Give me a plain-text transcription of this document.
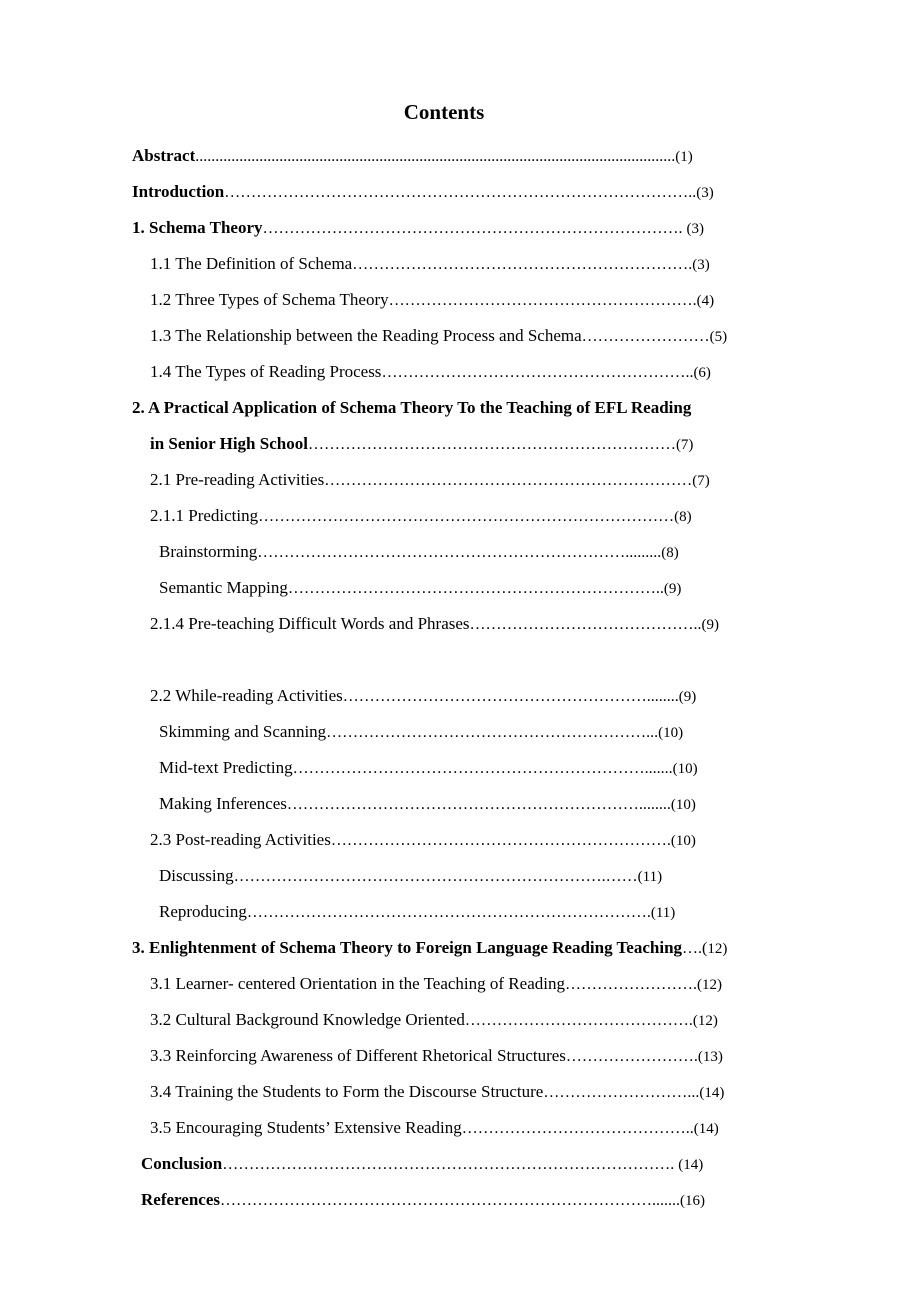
Contents
Abstract........................................................................................................................(1)
Introduction……………………………………………………………………………..(3)
1. Schema Theory……………………………………………………………………. (3)
1.1 The Definition of Schema……………………………………………………….(3)
1.2 Three Types of Schema Theory………………………………………………….(4)
1.3 The Relationship between the Reading Process and Schema……………………(5)
1.4 The Types of Reading Process…………………………………………………..(6)
2. A Practical Application of Schema Theory To the Teaching of EFL Reading
in Senior High School……………………………………………………………(7)
2.1 Pre-reading Activities……………………………………………………………(7)
2.1.1 Predicting……………………………………………………………………(8)
Brainstorming…………………………………………………………….........(8)
Semantic Mapping……………………………………………………………..(9)
2.1.4 Pre-teaching Difficult Words and Phrases……………………………………..(9)
2.2 While-reading Activities…………………………………………………........(9)
Skimming and Scanning……………………………………………………...(10)
Mid-text Predicting………………………………………………………….......(10)
Making Inferences…………………………………………………………........(10)
2.3 Post-reading Activities……………………………………………………….(10)
Discussing…………………………………………………………….……(11)
Reproducing………………………………………………………………….(11)
3. Enlightenment of Schema Theory to Foreign Language Reading Teaching….(12)
3.1 Learner- centered Orientation in the Teaching of Reading…………………….(12)
3.2 Cultural Background Knowledge Oriented…………………………………….(12)
3.3 Reinforcing Awareness of Different Rhetorical Structures…………………….(13)
3.4 Training the Students to Form the Discourse Structure………………………...(14)
3.5 Encouraging Students’ Extensive Reading……………………………………..(14)
Conclusion…………………………………………………………………………. (14)
References……………………………………………………………………….......(16)
